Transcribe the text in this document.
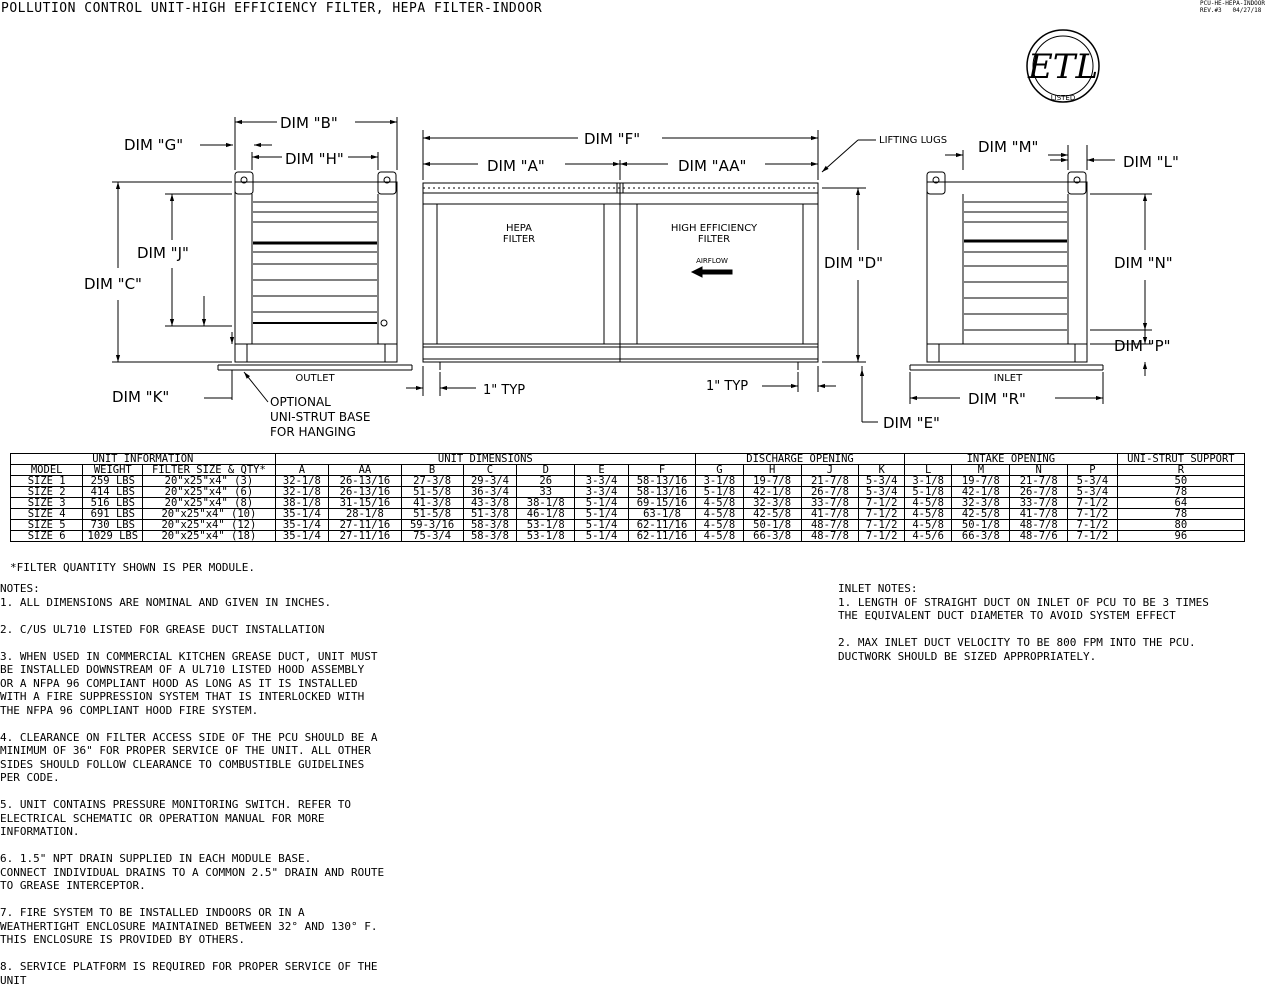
POLLUTION CONTROL UNIT-HIGH EFFICIENCY FILTER, HEPA FILTER-INDOOR	PCU-HE-HEPA-INDOOR
REV.#3   04/27/18
ETL
LISTED
DIM "B"
DIM "H"
DIM "G"
DIM "C"
DIM "J"
DIM "K"
DIM "F"
DIM "A"	DIM "AA"
DIM "D"
DIM "E"
DIM "M"
DIM "L"
DIM "N"
DIM "P"
DIM "R"
LIFTING LUGS
HEPA
FILTER
HIGH EFFICIENCY
FILTER
AIRFLOW
OUTLET	INLET
1" TYP	1" TYP
OPTIONAL
UNI-STRUT BASE
FOR HANGING
UNIT INFORMATION			UNIT DIMENSIONS							DISCHARGE OPENING				INTAKE OPENING				UNI-STRUT SUPPORT
MODEL	WEIGHT	FILTER SIZE & QTY*	A	AA	B	C	D	E	F	G	H	J	K	L	M	N	P	R
SIZE 1	259 LBS	20"x25"x4" (3)	32-1/8	26-13/16	27-3/8	29-3/4	26	3-3/4	58-13/16	3-1/8	19-7/8	21-7/8	5-3/4	3-1/8	19-7/8	21-7/8	5-3/4	50
SIZE 2	414 LBS	20"x25"x4" (6)	32-1/8	26-13/16	51-5/8	36-3/4	33	3-3/4	58-13/16	5-1/8	42-1/8	26-7/8	5-3/4	5-1/8	42-1/8	26-7/8	5-3/4	78
SIZE 3	516 LBS	20"x25"x4" (8)	38-1/8	31-15/16	41-3/8	43-3/8	38-1/8	5-1/4	69-15/16	4-5/8	32-3/8	33-7/8	7-1/2	4-5/8	32-3/8	33-7/8	7-1/2	64
SIZE 4	691 LBS	20"x25"x4" (10)	35-1/4	28-1/8	51-5/8	51-3/8	46-1/8	5-1/4	63-1/8	4-5/8	42-5/8	41-7/8	7-1/2	4-5/8	42-5/8	41-7/8	7-1/2	78
SIZE 5	730 LBS	20"x25"x4" (12)	35-1/4	27-11/16	59-3/16	58-3/8	53-1/8	5-1/4	62-11/16	4-5/8	50-1/8	48-7/8	7-1/2	4-5/8	50-1/8	48-7/8	7-1/2	80
SIZE 6	1029 LBS	20"x25"x4" (18)	35-1/4	27-11/16	75-3/4	58-3/8	53-1/8	5-1/4	62-11/16	4-5/8	66-3/8	48-7/8	7-1/2	4-5/6	66-3/8	48-7/6	7-1/2	96
*FILTER QUANTITY SHOWN IS PER MODULE.
NOTES:
1. ALL DIMENSIONS ARE NOMINAL AND GIVEN IN INCHES.
2. C/US UL710 LISTED FOR GREASE DUCT INSTALLATION
3. WHEN USED IN COMMERCIAL KITCHEN GREASE DUCT, UNIT MUST
BE INSTALLED DOWNSTREAM OF A UL710 LISTED HOOD ASSEMBLY
OR A NFPA 96 COMPLIANT HOOD AS LONG AS IT IS INSTALLED
WITH A FIRE SUPPRESSION SYSTEM THAT IS INTERLOCKED WITH
THE NFPA 96 COMPLIANT HOOD FIRE SYSTEM.
4. CLEARANCE ON FILTER ACCESS SIDE OF THE PCU SHOULD BE A
MINIMUM OF 36" FOR PROPER SERVICE OF THE UNIT. ALL OTHER
SIDES SHOULD FOLLOW CLEARANCE TO COMBUSTIBLE GUIDELINES
PER CODE.
5. UNIT CONTAINS PRESSURE MONITORING SWITCH. REFER TO
ELECTRICAL SCHEMATIC OR OPERATION MANUAL FOR MORE
INFORMATION.
6. 1.5" NPT DRAIN SUPPLIED IN EACH MODULE BASE.
CONNECT INDIVIDUAL DRAINS TO A COMMON 2.5" DRAIN AND ROUTE
TO GREASE INTERCEPTOR.
7. FIRE SYSTEM TO BE INSTALLED INDOORS OR IN A
WEATHERTIGHT ENCLOSURE MAINTAINED BETWEEN 32° AND 130° F.
THIS ENCLOSURE IS PROVIDED BY OTHERS.
8. SERVICE PLATFORM IS REQUIRED FOR PROPER SERVICE OF THE
UNIT
INLET NOTES:
1. LENGTH OF STRAIGHT DUCT ON INLET OF PCU TO BE 3 TIMES
THE EQUIVALENT DUCT DIAMETER TO AVOID SYSTEM EFFECT
2. MAX INLET DUCT VELOCITY TO BE 800 FPM INTO THE PCU.
DUCTWORK SHOULD BE SIZED APPROPRIATELY.
